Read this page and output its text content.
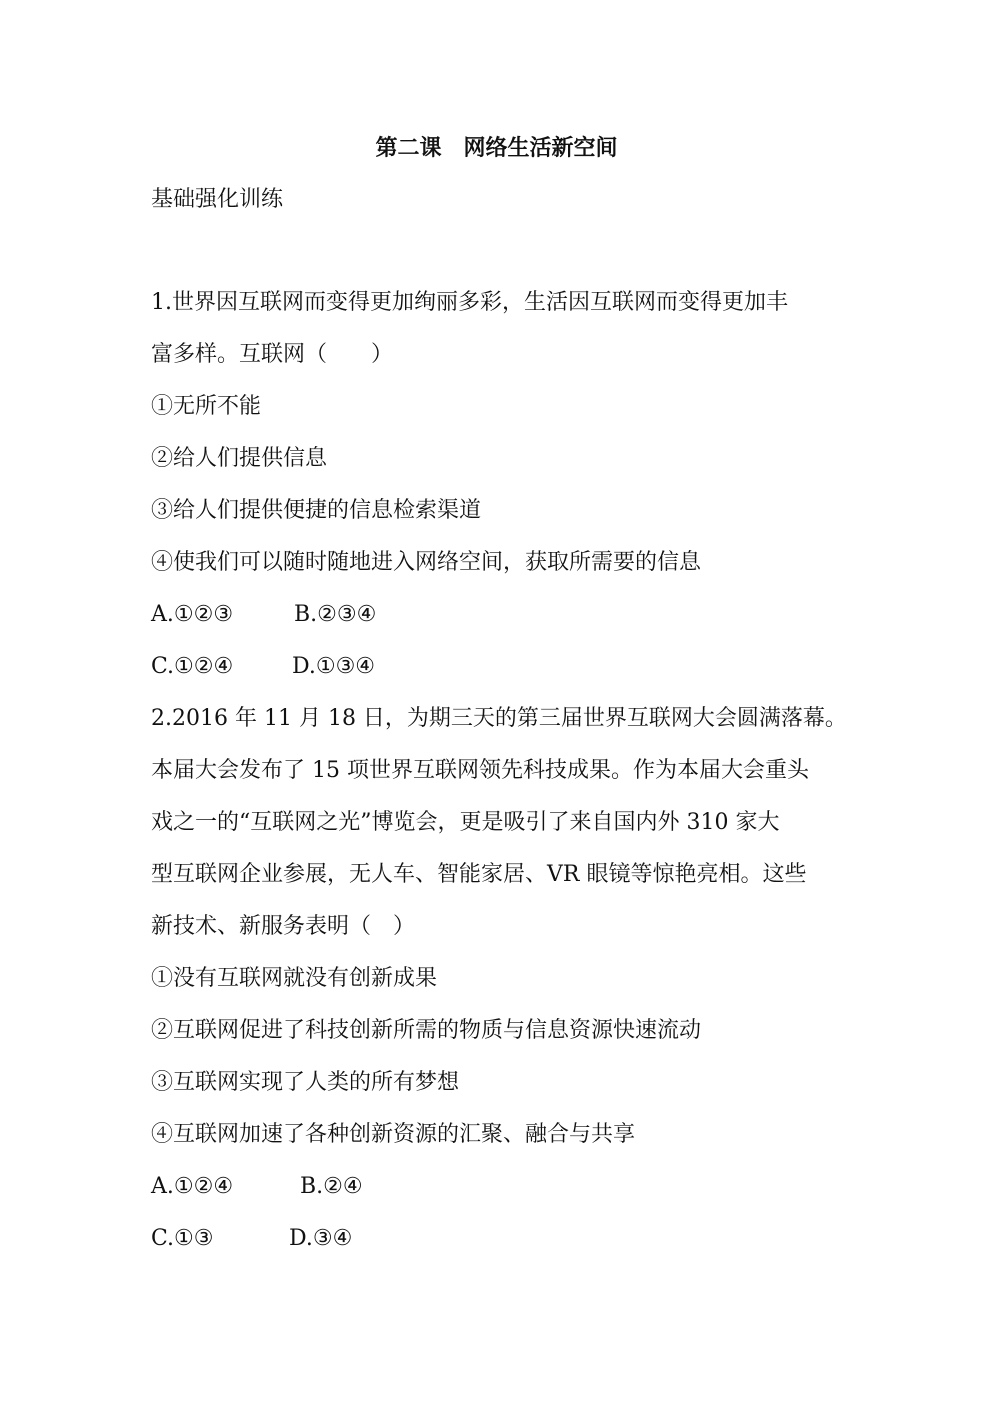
第二课　网络生活新空间
基础强化训练
1.世界因互联网而变得更加绚丽多彩，生活因互联网而变得更加丰
富多样。互联网（　　）
①无所不能
②给人们提供信息
③给人们提供便捷的信息检索渠道
④使我们可以随时随地进入网络空间，获取所需要的信息
A.①②③	B.②③④
C.①②④	D.①③④
2.2016 年 11 月 18 日，为期三天的第三届世界互联网大会圆满落幕。
本届大会发布了 15 项世界互联网领先科技成果。作为本届大会重头
戏之一的“互联网之光”博览会，更是吸引了来自国内外 310 家大
型互联网企业参展，无人车、智能家居、VR 眼镜等惊艳亮相。这些
新技术、新服务表明（　）
①没有互联网就没有创新成果
②互联网促进了科技创新所需的物质与信息资源快速流动
③互联网实现了人类的所有梦想
④互联网加速了各种创新资源的汇聚、融合与共享
A.①②④	B.②④
C.①③	D.③④
